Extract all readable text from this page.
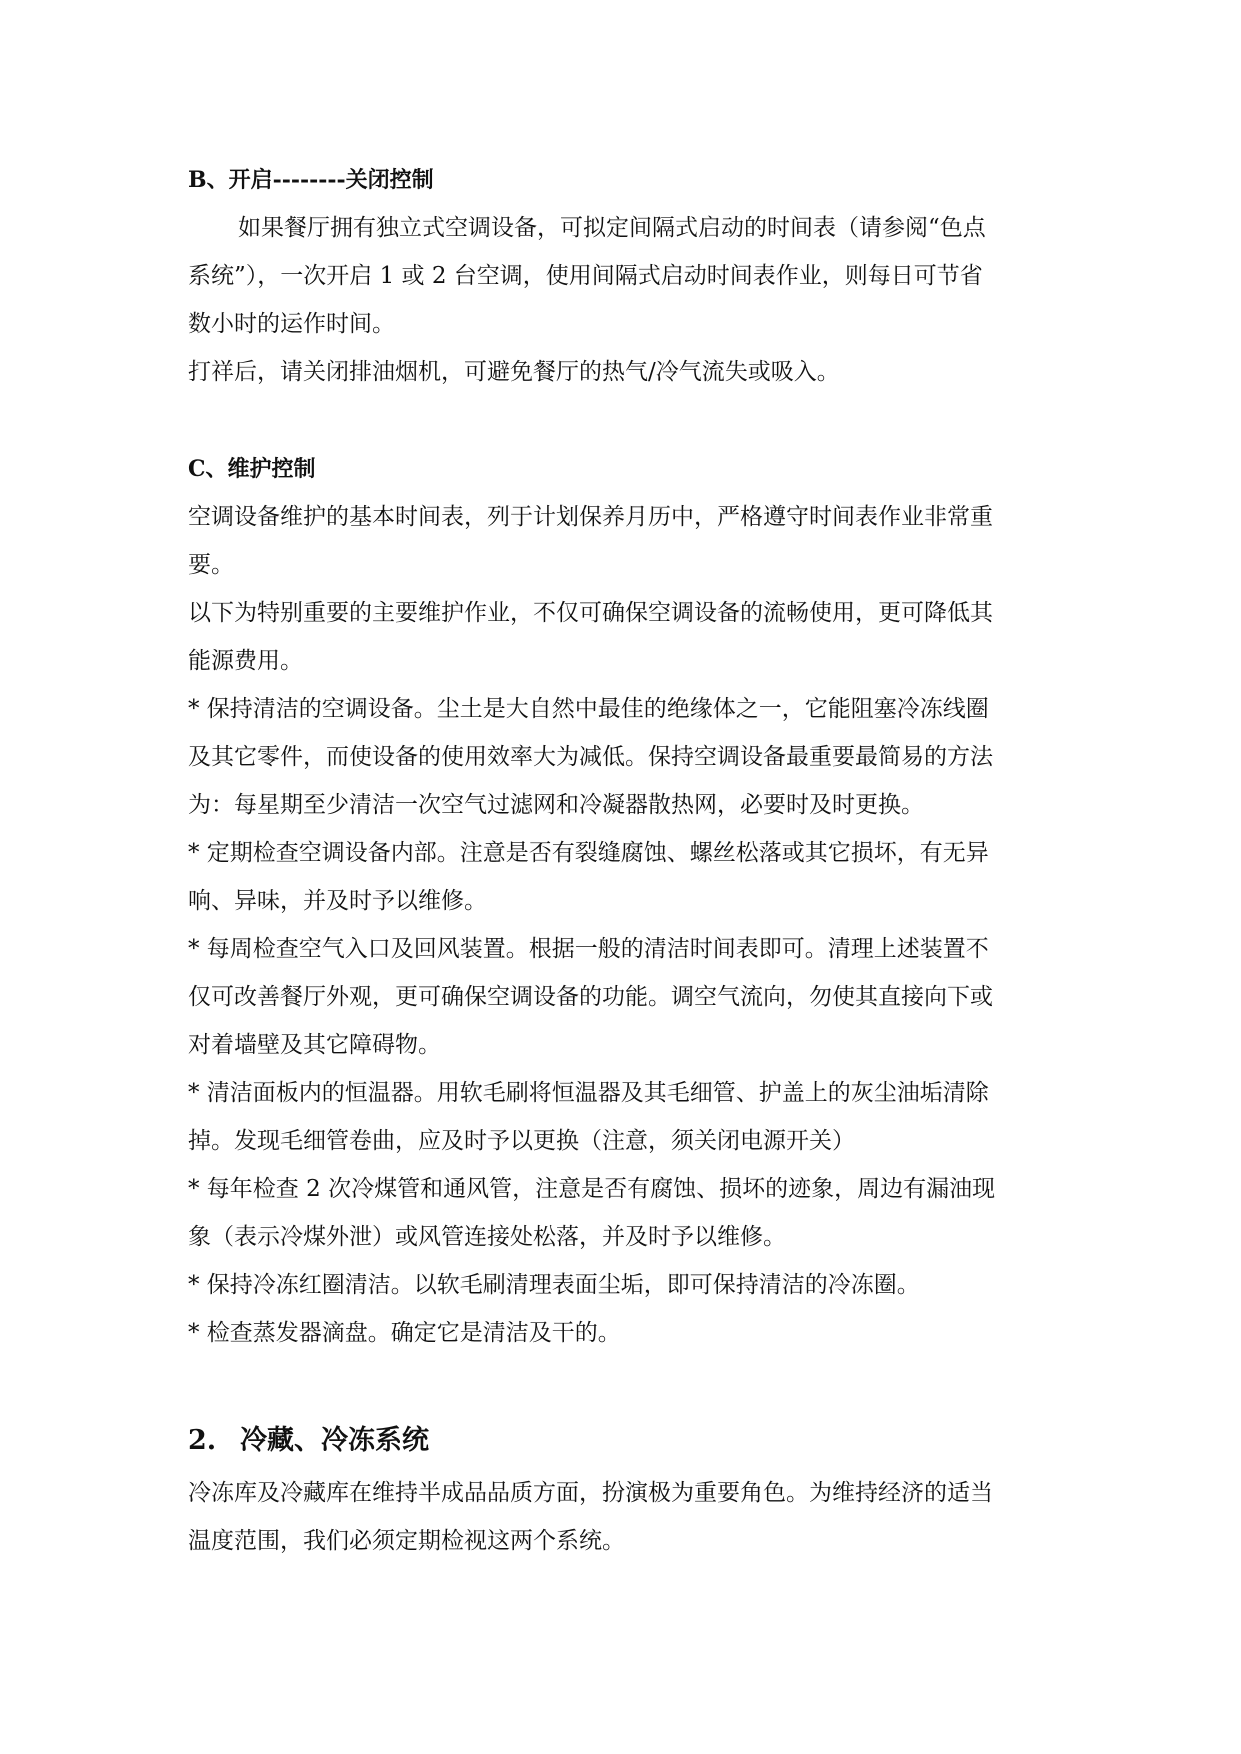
B、开启--------关闭控制
如果餐厅拥有独立式空调设备，可拟定间隔式启动的时间表（请参阅“色点
系统”），一次开启 1 或 2 台空调，使用间隔式启动时间表作业，则每日可节省
数小时的运作时间。
打祥后，请关闭排油烟机，可避免餐厅的热气/冷气流失或吸入。
C、维护控制
空调设备维护的基本时间表，列于计划保养月历中，严格遵守时间表作业非常重
要。
以下为特别重要的主要维护作业，不仅可确保空调设备的流畅使用，更可降低其
能源费用。
* 保持清洁的空调设备。尘土是大自然中最佳的绝缘体之一，它能阻塞冷冻线圈
及其它零件，而使设备的使用效率大为减低。保持空调设备最重要最简易的方法
为：每星期至少清洁一次空气过滤网和冷凝器散热网，必要时及时更换。
* 定期检查空调设备内部。注意是否有裂缝腐蚀、螺丝松落或其它损坏，有无异
响、异味，并及时予以维修。
* 每周检查空气入口及回风装置。根据一般的清洁时间表即可。清理上述装置不
仅可改善餐厅外观，更可确保空调设备的功能。调空气流向，勿使其直接向下或
对着墙壁及其它障碍物。
* 清洁面板内的恒温器。用软毛刷将恒温器及其毛细管、护盖上的灰尘油垢清除
掉。发现毛细管卷曲，应及时予以更换（注意，须关闭电源开关）
* 每年检查 2 次冷煤管和通风管，注意是否有腐蚀、损坏的迹象，周边有漏油现
象（表示冷煤外泄）或风管连接处松落，并及时予以维修。
* 保持冷冻红圈清洁。以软毛刷清理表面尘垢，即可保持清洁的冷冻圈。
* 检查蒸发器滴盘。确定它是清洁及干的。
2. 冷藏、冷冻系统
冷冻库及冷藏库在维持半成品品质方面，扮演极为重要角色。为维持经济的适当
温度范围，我们必须定期检视这两个系统。
